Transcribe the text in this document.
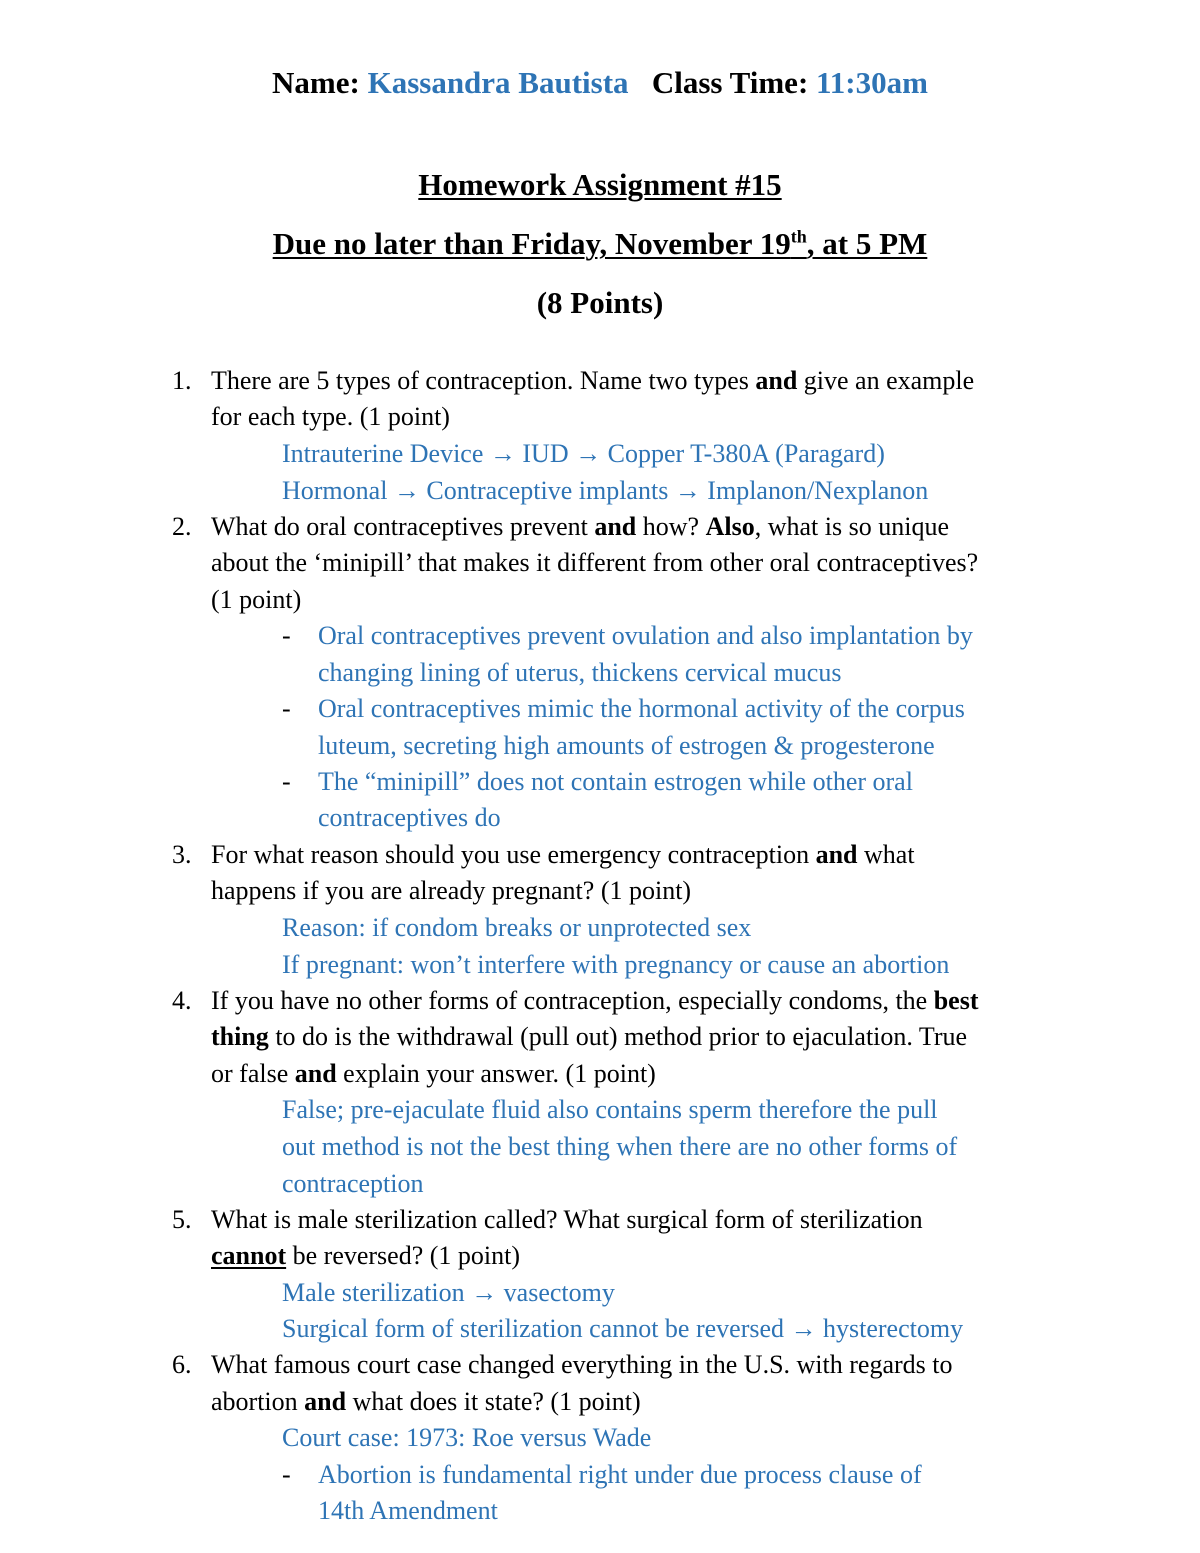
Name: Kassandra Bautista Class Time: 11:30am
Homework Assignment #15
Due no later than Friday, November 19th, at 5 PM
(8 Points)
1. There are 5 types of contraception. Name two types and give an example
for each type. (1 point)
Intrauterine Device → IUD → Copper T-380A (Paragard)
Hormonal → Contraceptive implants → Implanon/Nexplanon
2. What do oral contraceptives prevent and how? Also, what is so unique
about the ‘minipill’ that makes it different from other oral contraceptives?
(1 point)
- Oral contraceptives prevent ovulation and also implantation by
changing lining of uterus, thickens cervical mucus
- Oral contraceptives mimic the hormonal activity of the corpus
luteum, secreting high amounts of estrogen & progesterone
- The “minipill” does not contain estrogen while other oral
contraceptives do
3. For what reason should you use emergency contraception and what
happens if you are already pregnant? (1 point)
Reason: if condom breaks or unprotected sex
If pregnant: won’t interfere with pregnancy or cause an abortion
4. If you have no other forms of contraception, especially condoms, the best
thing to do is the withdrawal (pull out) method prior to ejaculation. True
or false and explain your answer. (1 point)
False; pre-ejaculate fluid also contains sperm therefore the pull
out method is not the best thing when there are no other forms of
contraception
5. What is male sterilization called? What surgical form of sterilization
cannot be reversed? (1 point)
Male sterilization → vasectomy
Surgical form of sterilization cannot be reversed → hysterectomy
6. What famous court case changed everything in the U.S. with regards to
abortion and what does it state? (1 point)
Court case: 1973: Roe versus Wade
- Abortion is fundamental right under due process clause of
14th Amendment
